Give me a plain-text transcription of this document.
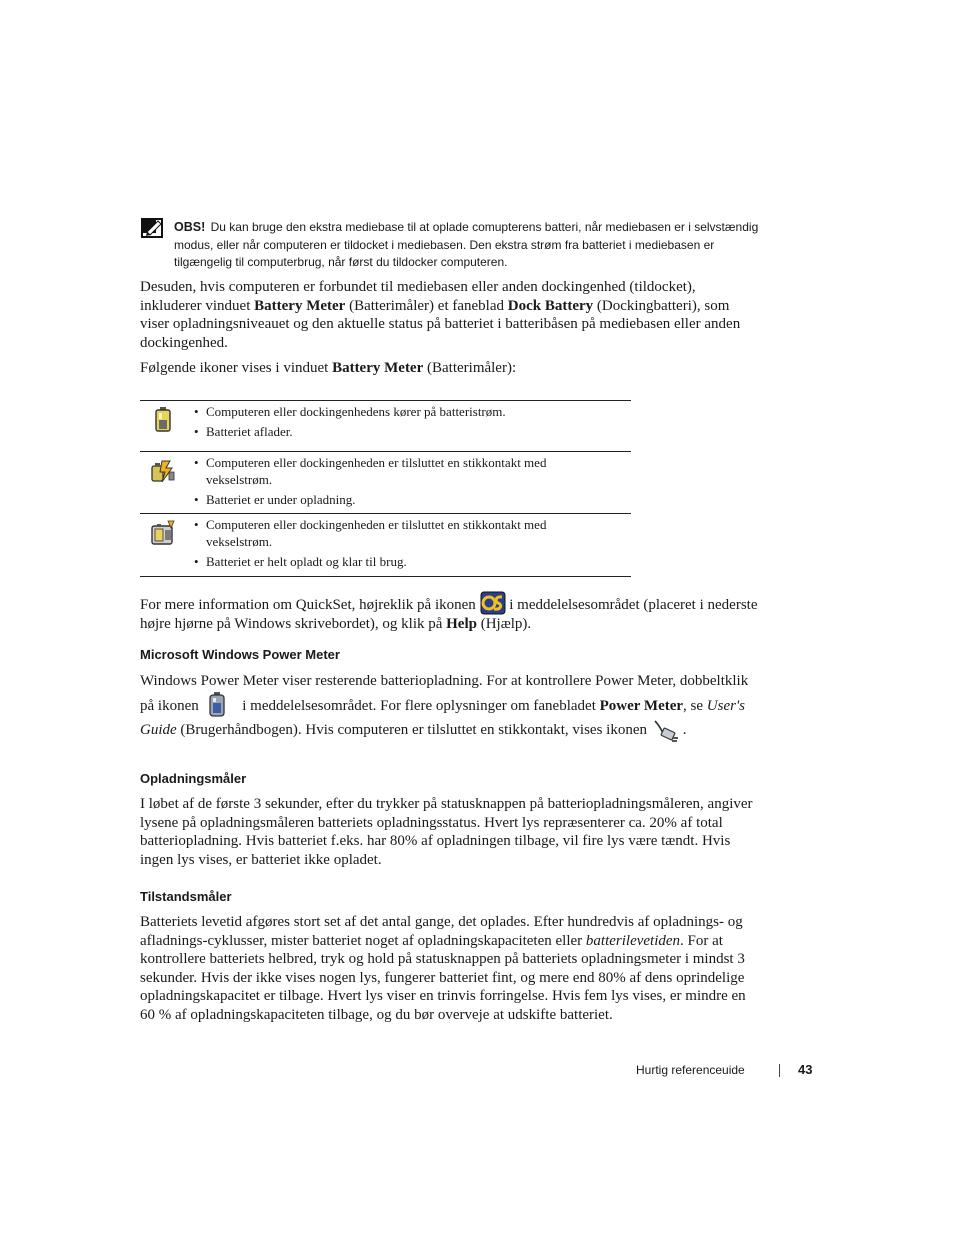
OBS! Du kan bruge den ekstra mediebase til at oplade comupterens batteri, når mediebasen er i selvstændig modus, eller når computeren er tildocket i mediebasen. Den ekstra strøm fra batteriet i mediebasen er tilgængelig til computerbrug, når først du tildocker computeren.

Desuden, hvis computeren er forbundet til mediebasen eller anden dockingenhed (tildocket), inkluderer vinduet Battery Meter (Batterimåler) et faneblad Dock Battery (Dockingbatteri), som viser opladningsniveauet og den aktuelle status på batteriet i batteribåsen på mediebasen eller anden dockingenhed.

Følgende ikoner vises i vinduet Battery Meter (Batterimåler):

• Computeren eller dockingenhedens kører på batteristrøm.
• Batteriet aflader.
• Computeren eller dockingenheden er tilsluttet en stikkontakt med vekselstrøm.
• Batteriet er under opladning.
• Computeren eller dockingenheden er tilsluttet en stikkontakt med vekselstrøm.
• Batteriet er helt opladt og klar til brug.

For mere information om QuickSet, højreklik på ikonen  i meddelelsesområdet (placeret i nederste højre hjørne på Windows skrivebordet), og klik på Help (Hjælp).

Microsoft Windows Power Meter

Windows Power Meter viser resterende batteriopladning. For at kontrollere Power Meter, dobbeltklik på ikonen  i meddelelsesområdet. For flere oplysninger om fanebladet Power Meter, se User's Guide (Brugerhåndbogen). Hvis computeren er tilsluttet en stikkontakt, vises ikonen .

Opladningsmåler

I løbet af de første 3 sekunder, efter du trykker på statusknappen på batteriopladningsmåleren, angiver lysene på opladningsmåleren batteriets opladningsstatus. Hvert lys repræsenterer ca. 20% af total batteriopladning. Hvis batteriet f.eks. har 80% af opladningen tilbage, vil fire lys være tændt. Hvis ingen lys vises, er batteriet ikke opladet.

Tilstandsmåler

Batteriets levetid afgøres stort set af det antal gange, det oplades. Efter hundredvis af opladnings- og afladnings-cyklusser, mister batteriet noget af opladningskapaciteten eller batterilevetiden. For at kontrollere batteriets helbred, tryk og hold på statusknappen på batteriets opladningsmeter i mindst 3 sekunder. Hvis der ikke vises nogen lys, fungerer batteriet fint, og mere end 80% af dens oprindelige opladningskapacitet er tilbage. Hvert lys viser en trinvis forringelse. Hvis fem lys vises, er mindre en 60 % af opladningskapaciteten tilbage, og du bør overveje at udskifte batteriet.

Hurtig referenceuide	43
